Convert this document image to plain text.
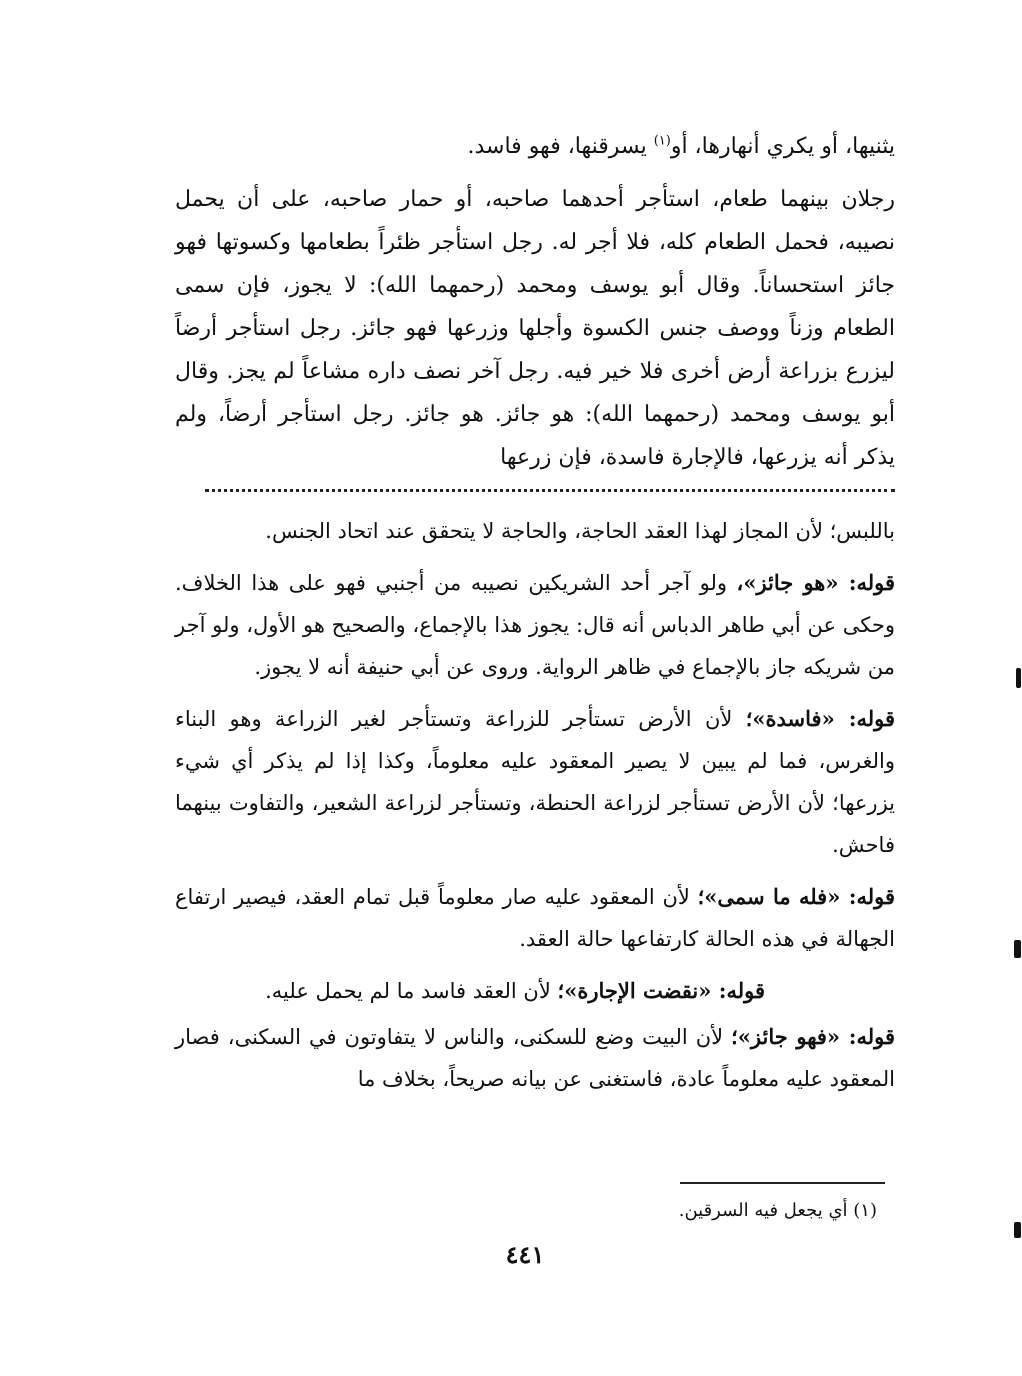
يثنيها، أو يكري أنهارها، أو$^{(١)}$ يسرقنها، فهو فاسد.

رجلان بينهما طعام، استأجر أحدهما صاحبه، أو حمار صاحبه، على أن يحمل نصيبه، فحمل الطعام كله، فلا أجر له. رجل استأجر ظئراً بطعامها وكسوتها فهو جائز استحساناً. وقال أبو يوسف ومحمد (رحمهما الله): لا يجوز، فإن سمى الطعام وزناً ووصف جنس الكسوة وأجلها وزرعها فهو جائز. رجل استأجر أرضاً ليزرع بزراعة أرض أخرى فلا خير فيه. رجل آخر نصف داره مشاعاً لم يجز. وقال أبو يوسف ومحمد (رحمهما الله): هو جائز. هو جائز. رجل استأجر أرضاً، ولم يذكر أنه يزرعها، فالإجارة فاسدة، فإن زرعها

باللبس؛ لأن المجاز لهذا العقد الحاجة، والحاجة لا يتحقق عند اتحاد الجنس.

قوله: «هو جائز»، ولو آجر أحد الشريكين نصيبه من أجنبي فهو على هذا الخلاف. وحكى عن أبي طاهر الدباس أنه قال: يجوز هذا بالإجماع، والصحيح هو الأول، ولو آجر من شريكه جاز بالإجماع في ظاهر الرواية. وروى عن أبي حنيفة أنه لا يجوز.

قوله: «فاسدة»؛ لأن الأرض تستأجر للزراعة وتستأجر لغير الزراعة وهو البناء والغرس، فما لم يبين لا يصير المعقود عليه معلوماً، وكذا إذا لم يذكر أي شيء يزرعها؛ لأن الأرض تستأجر لزراعة الحنطة، وتستأجر لزراعة الشعير، والتفاوت بينهما فاحش.

قوله: «فله ما سمى»؛ لأن المعقود عليه صار معلوماً قبل تمام العقد، فيصير ارتفاع الجهالة في هذه الحالة كارتفاعها حالة العقد.

قوله: «نقضت الإجارة»؛ لأن العقد فاسد ما لم يحمل عليه.

قوله: «فهو جائز»؛ لأن البيت وضع للسكنى، والناس لا يتفاوتون في السكنى، فصار المعقود عليه معلوماً عادة، فاستغنى عن بيانه صريحاً، بخلاف ما

(١) أي يجعل فيه السرقين.
٤٤١
